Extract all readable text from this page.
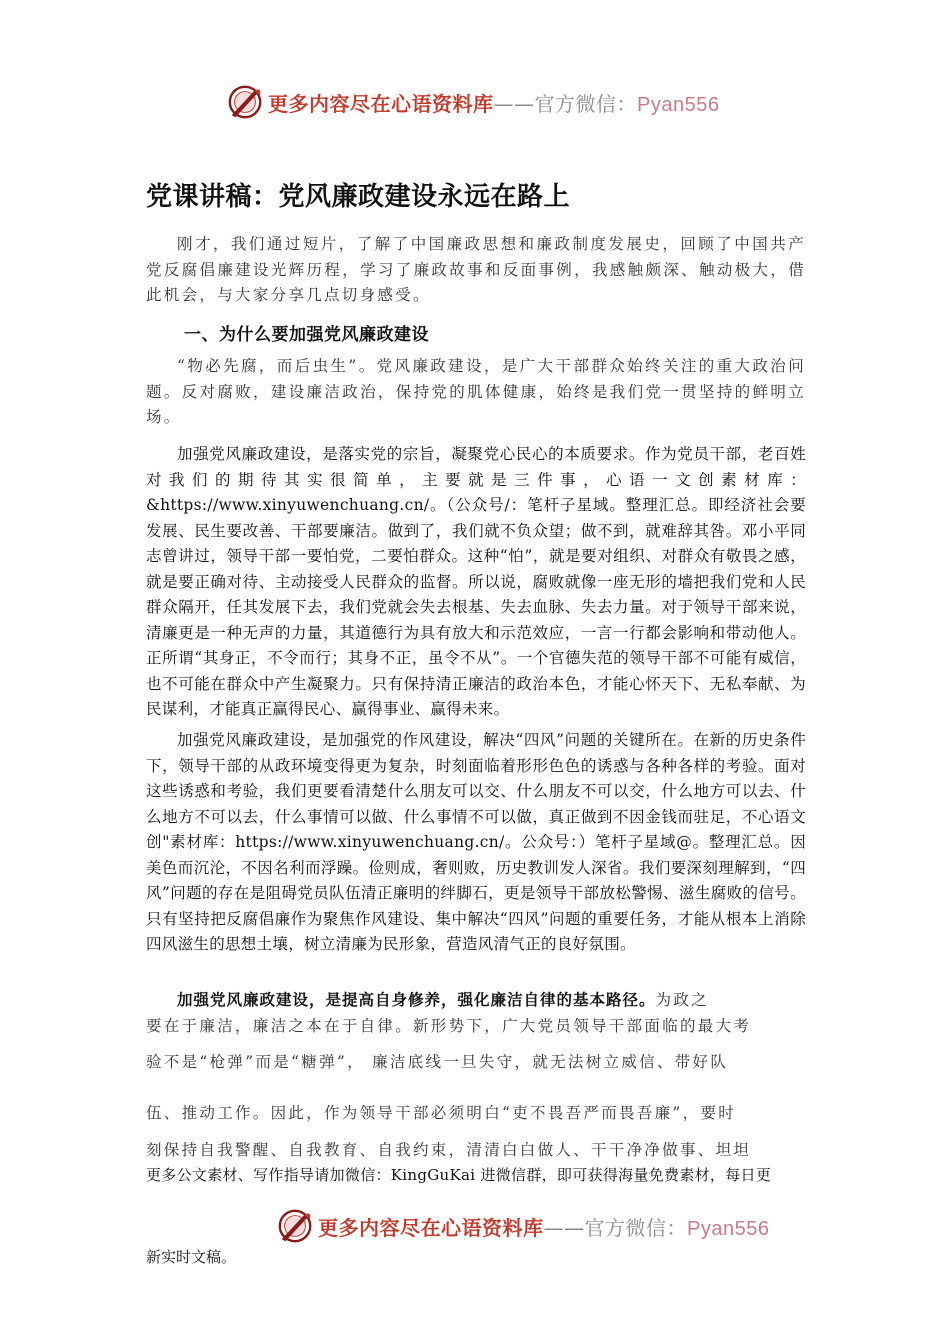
更多内容尽在心语资料库——官方微信：Pyan556
党课讲稿：党风廉政建设永远在路上

刚才，我们通过短片，了解了中国廉政思想和廉政制度发展史，回顾了中国共产党反腐倡廉建设光辉历程，学习了廉政故事和反面事例，我感触颇深、触动极大，借此机会，与大家分享几点切身感受。

一、为什么要加强党风廉政建设

“物必先腐，而后虫生”。党风廉政建设，是广大干部群众始终关注的重大政治问题。反对腐败，建设廉洁政治，保持党的肌体健康，始终是我们党一贯坚持的鲜明立场。

加强党风廉政建设，是落实党的宗旨，凝聚党心民心的本质要求。作为党员干部，老百姓对我们的期待其实很简单，主要就是三件事，心语一文创素材库：&https://www.xinyuwenchuang.cn/。（公众号/：笔杆子星域。整理汇总。即经济社会要发展、民生要改善、干部要廉洁。做到了，我们就不负众望；做不到，就难辞其咎。邓小平同志曾讲过，领导干部一要怕党，二要怕群众。这种“怕”，就是要对组织、对群众有敬畏之感，就是要正确对待、主动接受人民群众的监督。所以说，腐败就像一座无形的墙把我们党和人民群众隔开，任其发展下去，我们党就会失去根基、失去血脉、失去力量。对于领导干部来说，清廉更是一种无声的力量，其道德行为具有放大和示范效应，一言一行都会影响和带动他人。正所谓“其身正，不令而行；其身不正，虽令不从”。一个官德失范的领导干部不可能有威信，也不可能在群众中产生凝聚力。只有保持清正廉洁的政治本色，才能心怀天下、无私奉献、为民谋利，才能真正赢得民心、赢得事业、赢得未来。

加强党风廉政建设，是加强党的作风建设，解决“四风”问题的关键所在。在新的历史条件下，领导干部的从政环境变得更为复杂，时刻面临着形形色色的诱惑与各种各样的考验。面对这些诱惑和考验，我们更要看清楚什么朋友可以交、什么朋友不可以交，什么地方可以去、什么地方不可以去，什么事情可以做、什么事情不可以做，真正做到不因金钱而驻足，不心语文创"素材库：https://www.xinyuwenchuang.cn/。公众号：）笔杆子星域@。整理汇总。因美色而沉沦，不因名利而浮躁。俭则成，奢则败，历史教训发人深省。我们要深刻理解到，“四风”问题的存在是阻碍党员队伍清正廉明的绊脚石，更是领导干部放松警惕、滋生腐败的信号。只有坚持把反腐倡廉作为聚焦作风建设、集中解决“四风”问题的重要任务，才能从根本上消除四风滋生的思想土壤，树立清廉为民形象，营造风清气正的良好氛围。

加强党风廉政建设，是提高自身修养，强化廉洁自律的基本路径。为政之
要在于廉洁，廉洁之本在于自律。新形势下，广大党员领导干部面临的最大考
验不是“枪弹”而是“糖弹”， 廉洁底线一旦失守，就无法树立威信、带好队
伍、推动工作。因此，作为领导干部必须明白“吏不畏吾严而畏吾廉”，要时
刻保持自我警醒、自我教育、自我约束，清清白白做人、干干净净做事、坦坦
更多公文素材、写作指导请加微信：KingGuKai 进微信群，即可获得海量免费素材，每日更
更多内容尽在心语资料库——官方微信：Pyan556
新实时文稿。
